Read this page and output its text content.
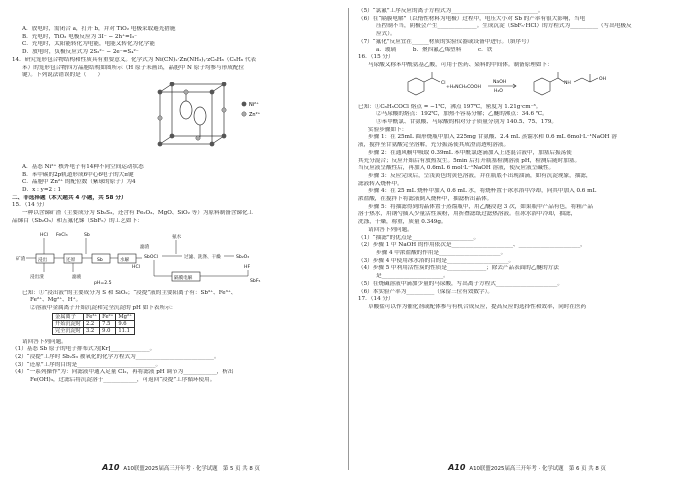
A．放电时，需闭合 a，打开 b，并对 TiO₂ 电极采取避光措施
B．充电时，TiO₂ 电极反应为 3I⁻ − 2h⁺=I₃⁻
C．充电时，太阳能转化为电能，电能又转化为化学能
D．放电时，负极反应式为 2S₂²⁻ − 2e⁻=S₄²⁻
14．研究笼形包合物结构和性质具有重要意义。化学式为 Ni(CN)ₓ·Zn(NH₃)ᵧ·zC₆H₆（C₆H₆ 代表
苯）的笼形包合物四方晶胞结构如图所示（H 原子未画出，晶胞中 N 原子均参与形成配位
键）。下列说法错误的是（　　）
Ni²⁺
Zn²⁺
A．基态 Ni²⁺ 核外电子有14种不同空间运动状态
B．苯中碳的2p轨道形成6中心6电子的大π键
C．晶胞中 Zn²⁺ 的配位数（紫球的原子）为4
D．x : y=2 : 1
二、非选择题（本大题共 4 小题，共 58 分）
15．（14 分）
一种以含锑矿渣（主要成分为 Sb₂S₃，还含有 Fe₂O₃、MgO、SiO₂ 等）为原料制备含锑化工
品锑白（Sb₂O₃）和五氟化锑（SbF₅）的工艺如下：
矿渣
HCl FeCl₃	Sb
滤渣
浸出渣	滤液
pH=2.5
氨水
过滤、洗涤、干燥	Sb₂O₃
HCl	HF
SbF₅
浸出	还原	Sb	水解
SbOCl
隔膜电解
已知：①“浸出液”的主要成分为 S 和 SiO₂；“浸提”液的主要阳离子有：Sb³⁺、Fe³⁺、
Fe²⁺、Mg²⁺、H⁺。
②溶液中金属离子开始沉淀和完全沉淀的 pH 如下表所示：
金属离子	Fe³⁺	Fe²⁺	Mg²⁺
开始沉淀时	2.2	7.5	9.6
完全沉淀时	3.2	9.0	11.1
请回答下列问题。
（1）基态 Sb 原子的电子排布式为[Kr]______________。
（2）“浸提”工序时 Sb₂S₃ 被氧化的化学方程式为____________________________。
（3）“还原”工序的目的是____________________________。
（4）“一系列操作”为：向滤液中通入足量 Cl₂，再将滤液 pH 调节为____________，析出
Fe(OH)₃，过滤后将沉淀溶于____________，可返回“浸提”工序循环使用。
A10 A10联盟2025届高三开年考 · 化学试题　第 5 页 共 8 页
（5）“氯氟”工序反应的离子方程式为_______________________________。
（6）在“隔膜电解”（以惰性材料为电极）过程中，电压大小对 Sb 的产率有很大影响，当电
压控制不当，阴极会产生______________。生成沉淀（SbF₅·HCl）的方程式为__________（写出电极反
应式）。
（7）“氟化”反应宜在______材质的实验仪器或设备中进行。（填序号）
a．玻璃　　　b．聚四氟乙烯塑料　　　c．铁
16．（15 分）
马尿酸又称苯甲酰氨基乙酸，可用于医药、染料的中间体。制备原理如下：
Cl
+H₂NCH₂COOH
NaOH
H₂O
NH
OH
已知：①C₆H₅COCl 熔点 = −1℃，沸点 197℃，密度为 1.21g·cm⁻³。
②马尿酸的熔点：192℃，加热不容易分解；乙醚的沸点：34.6 ℃。
③苯甲酰氯、甘氨酸、马尿酸的相对分子质量分别为 140.5、75、179。
实验步骤如下：
步骤 1：在 25mL 圆形烧瓶中加入 225mg 甘氨酸、2.4 mL 蒸馏水和 0.6 mL 6mol·L⁻¹NaOH 溶
液，搅拌至甘氨酸完全溶解，充分振荡使其成澄清透明溶液。
步骤 2：在通风橱中吸取 0.39mL 苯甲酰氯逐滴加入上述混合液中，加塞后振荡使
其充分混合；反应开始后有放热发生。5min 后打开瓶塞检测溶液 pH，检测后随时加塞。
当反应液呈酸性后，再加入 0.6mL 6 mol·L⁻¹NaOH 溶液，使反应液呈碱性。
步骤 3：反应完成后，呈浅黄色的黄色溶液，并在瓶底不出现油滴，如有沉淀现象，抽滤，
滤液转入烧杯中。
步骤 4：在 25 mL 烧杯中加入 0.6 mL 水，将烧杯置于冰水浴中冷却，向其中加入 0.6 mL
浓盐酸，在搅拌下将滤液倒入烧杯中，抽滤析出晶体。
步骤 5：将抽滤得到的晶体置于蒸馏瓶中，用乙醚浸泡 3 次，如果瓶中产品有色，将粗产品
溶于热水，用钢勺插入少量活性炭粉，用折叠滤纸过滤热溶液。在冰水浴中冷却，抽滤，
洗涤，干燥，称重，质量 0.349g。
请回答下列问题。
（1）“抽滤”的优点是______________________。
（2）步骤 1 中 NaOH 的作用依次是______________________、______________________，
步骤 4 中浓盐酸的作用是______________________。
（3）步骤 4 中使用冰水浴的目的是______________________。
（4）步骤 5 中利用活性炭的性质是______________；除去产品表面的乙醚的方法
是______________________。
（5）在烧碱溶液中滴加少量的马尿酸，写出离子方程式______________________。
（6）本实验产率为__________（保留三位有效数字）。
17．（14 分）
草酸盐可以作为催化剂或配体参与有机合成反应，提高反应的选择性和效率，同时在医药
A10 A10联盟2025届高三开年考 · 化学试题　第 6 页 共 8 页
